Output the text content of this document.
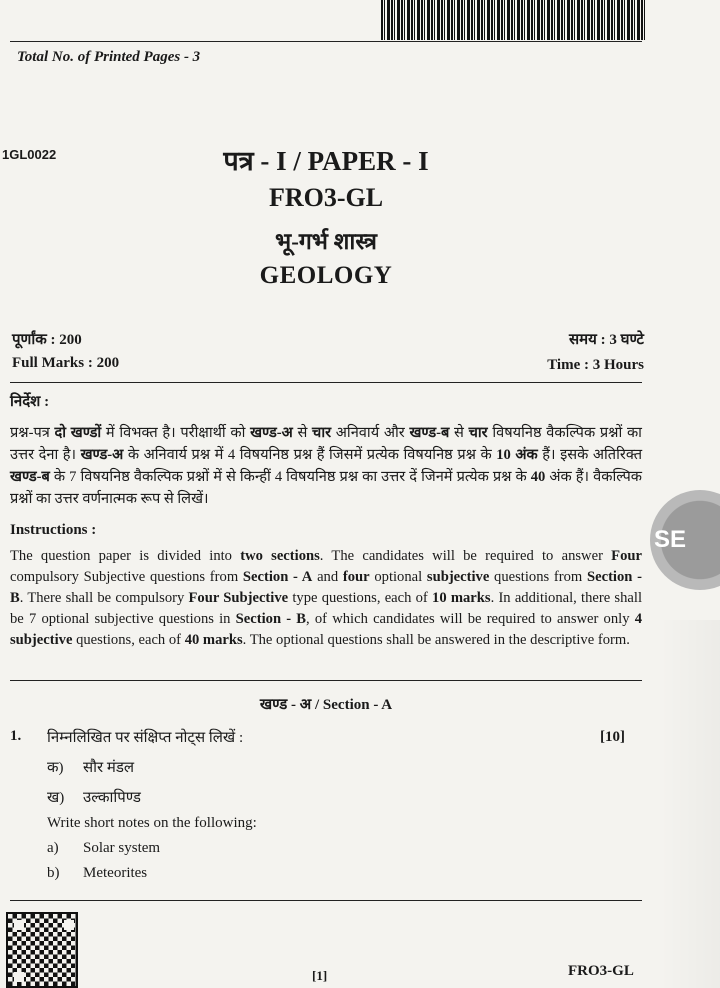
Total No. of Printed Pages - 3
1GL0022	पत्र - I / PAPER - I
FRO3-GL
भू-गर्भ शास्त्र
GEOLOGY
पूर्णांक : 200
Full Marks : 200
समय : 3 घण्टे
Time : 3 Hours
निर्देश :
प्रश्न-पत्र दो खण्डों में विभक्त है। परीक्षार्थी को खण्ड-अ से चार अनिवार्य और खण्ड-ब से चार विषयनिष्ठ वैकल्पिक प्रश्नों का उत्तर देना है। खण्ड-अ के अनिवार्य प्रश्न में 4 विषयनिष्ठ प्रश्न हैं जिसमें प्रत्येक विषयनिष्ठ प्रश्न के 10 अंक हैं। इसके अतिरिक्त खण्ड-ब के 7 विषयनिष्ठ वैकल्पिक प्रश्नों में से किन्हीं 4 विषयनिष्ठ प्रश्न का उत्तर दें जिनमें प्रत्येक प्रश्न के 40 अंक हैं। वैकल्पिक प्रश्नों का उत्तर वर्णनात्मक रूप से लिखें।
Instructions :
The question paper is divided into two sections. The candidates will be required to answer Four compulsory Subjective questions from Section - A and four optional subjective questions from Section - B. There shall be compulsory Four Subjective type questions, each of 10 marks. In additional, there shall be 7 optional subjective questions in Section - B, of which candidates will be required to answer only 4 subjective questions, each of 40 marks. The optional questions shall be answered in the descriptive form.
खण्ड - अ / Section - A
1. निम्नलिखित पर संक्षिप्त नोट्स लिखें :	[10]
क) सौर मंडल
ख) उल्कापिण्ड
Write short notes on the following:
a) Solar system
b) Meteorites
[1]	FRO3-GL
SE
